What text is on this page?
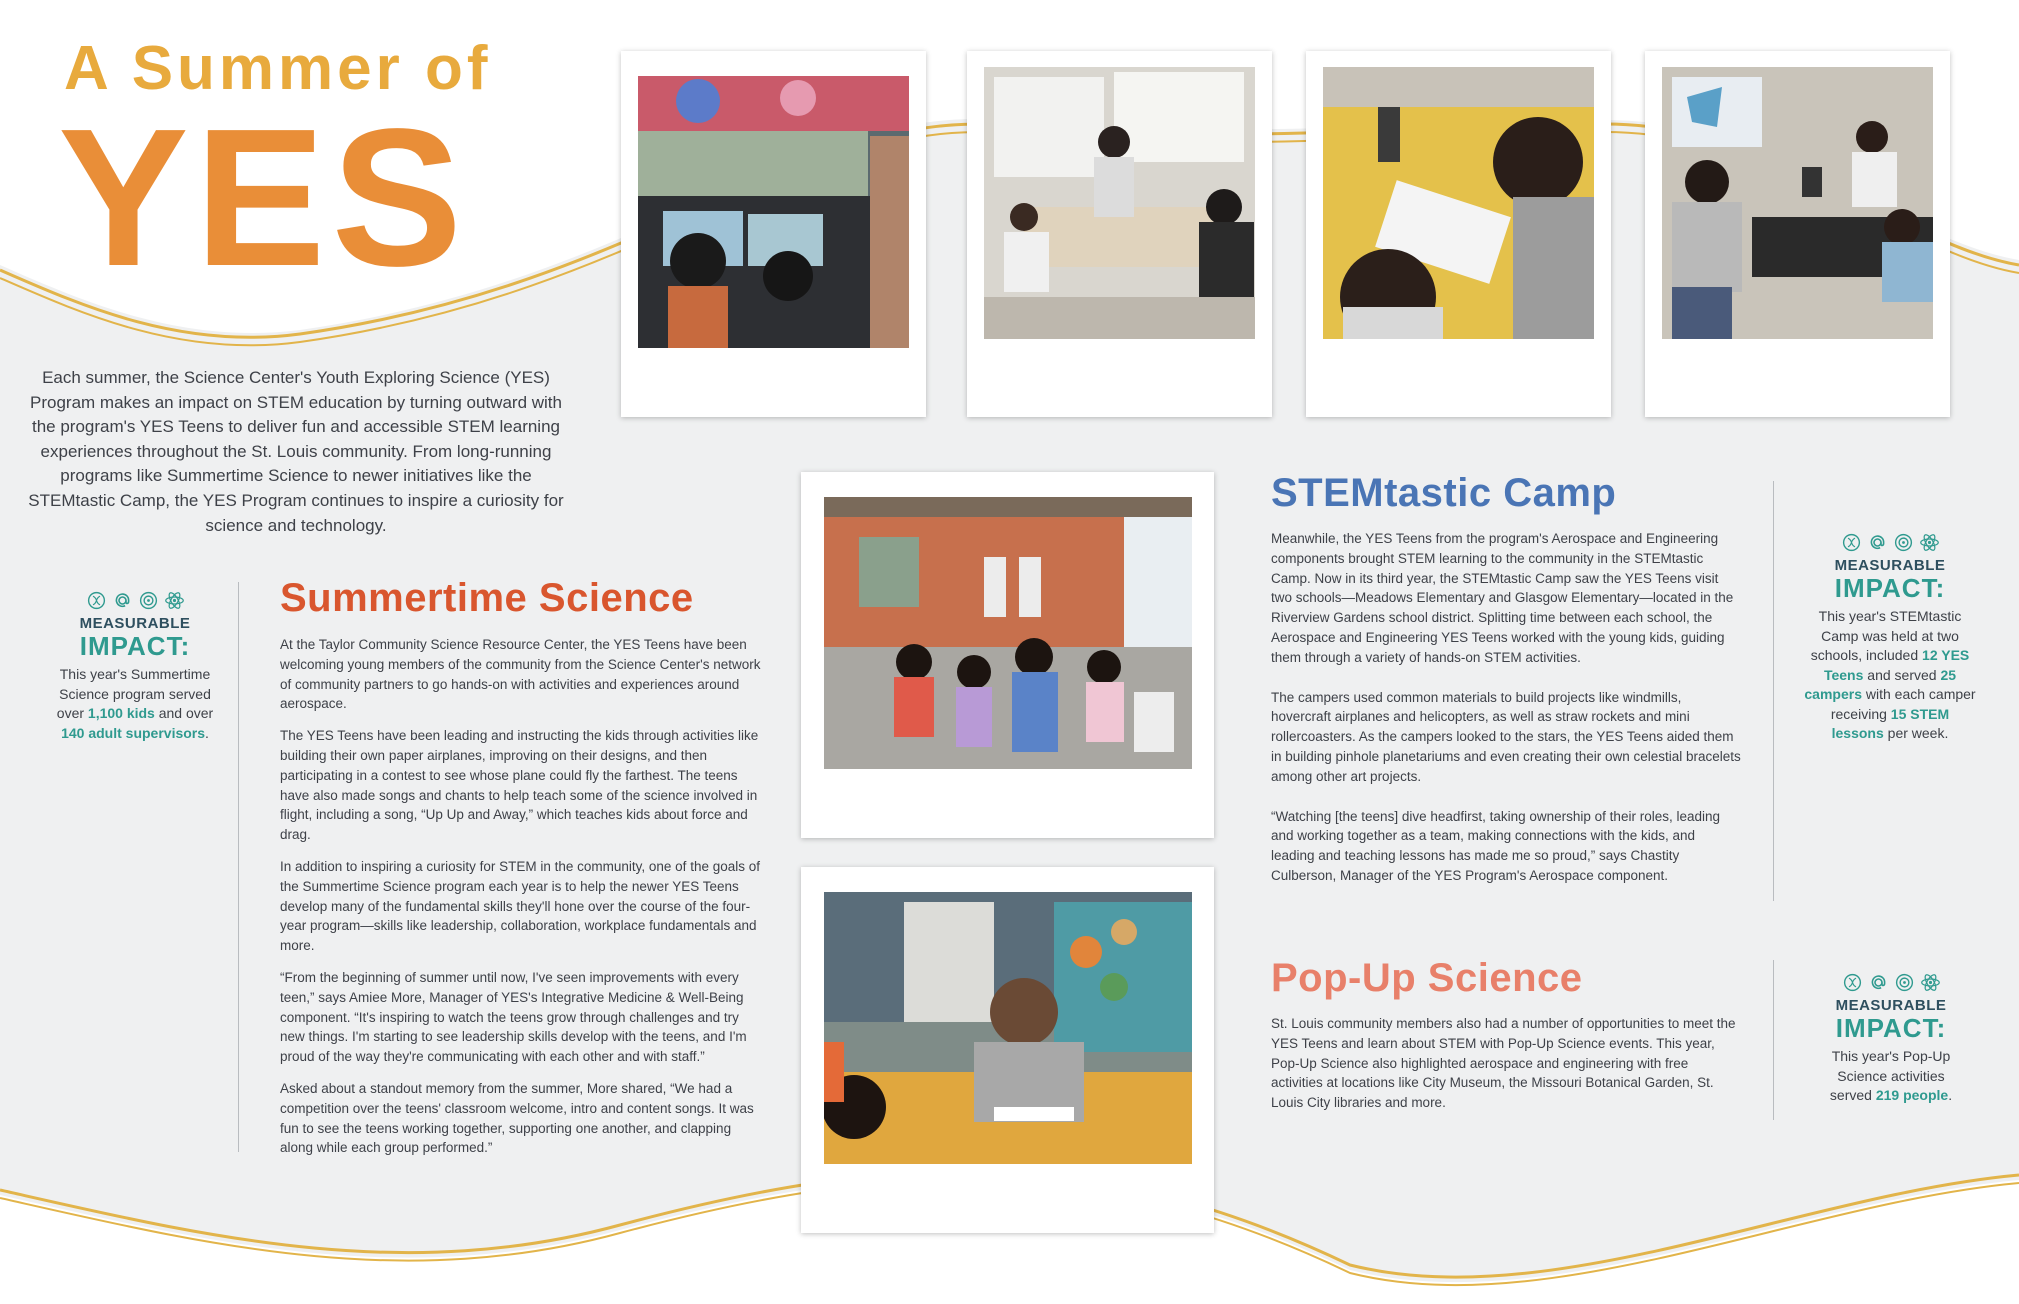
A Summer of
YES
Each summer, the Science Center's Youth Exploring Science (YES) Program makes an impact on STEM education by turning outward with the program's YES Teens to deliver fun and accessible STEM learning experiences throughout the St. Louis community. From long-running programs like Summertime Science to newer initiatives like the STEMtastic Camp, the YES Program continues to inspire a curiosity for science and technology.
MEASURABLE
IMPACT:
This year's Summertime Science program served over 1,100 kids and over 140 adult supervisors.
Summertime Science

At the Taylor Community Science Resource Center, the YES Teens have been welcoming young members of the community from the Science Center's network of community partners to go hands-on with activities and experiences around aerospace.

The YES Teens have been leading and instructing the kids through activities like building their own paper airplanes, improving on their designs, and then participating in a contest to see whose plane could fly the farthest. The teens have also made songs and chants to help teach some of the science involved in flight, including a song, “Up Up and Away,” which teaches kids about force and drag.

In addition to inspiring a curiosity for STEM in the community, one of the goals of the Summertime Science program each year is to help the newer YES Teens develop many of the fundamental skills they'll hone over the course of the four-year program—skills like leadership, collaboration, workplace fundamentals and more.

“From the beginning of summer until now, I've seen improvements with every teen,” says Amiee More, Manager of YES's Integrative Medicine & Well-Being component. “It's inspiring to watch the teens grow through challenges and try new things. I'm starting to see leadership skills develop with the teens, and I'm proud of the way they're communicating with each other and with staff.”

Asked about a standout memory from the summer, More shared, “We had a competition over the teens' classroom welcome, intro and content songs. It was fun to see the teens working together, supporting one another, and clapping along while each group performed.”

STEMtastic Camp

Meanwhile, the YES Teens from the program's Aerospace and Engineering components brought STEM learning to the community in the STEMtastic Camp. Now in its third year, the STEMtastic Camp saw the YES Teens visit two schools—Meadows Elementary and Glasgow Elementary—located in the Riverview Gardens school district. Splitting time between each school, the Aerospace and Engineering YES Teens worked with the young kids, guiding them through a variety of hands-on STEM activities.

The campers used common materials to build projects like windmills, hovercraft airplanes and helicopters, as well as straw rockets and mini rollercoasters. As the campers looked to the stars, the YES Teens aided them in building pinhole planetariums and even creating their own celestial bracelets among other art projects.

“Watching [the teens] dive headfirst, taking ownership of their roles, leading and working together as a team, making connections with the kids, and leading and teaching lessons has made me so proud,” says Chastity Culberson, Manager of the YES Program's Aerospace component.

MEASURABLE
IMPACT:
This year's STEMtastic Camp was held at two schools, included 12 YES Teens and served 25 campers with each camper receiving 15 STEM lessons per week.
Pop-Up Science

St. Louis community members also had a number of opportunities to meet the YES Teens and learn about STEM with Pop-Up Science events. This year, Pop-Up Science also highlighted aerospace and engineering with free activities at locations like City Museum, the Missouri Botanical Garden, St. Louis City libraries and more.

MEASURABLE
IMPACT:
This year's Pop-Up Science activities served 219 people.
